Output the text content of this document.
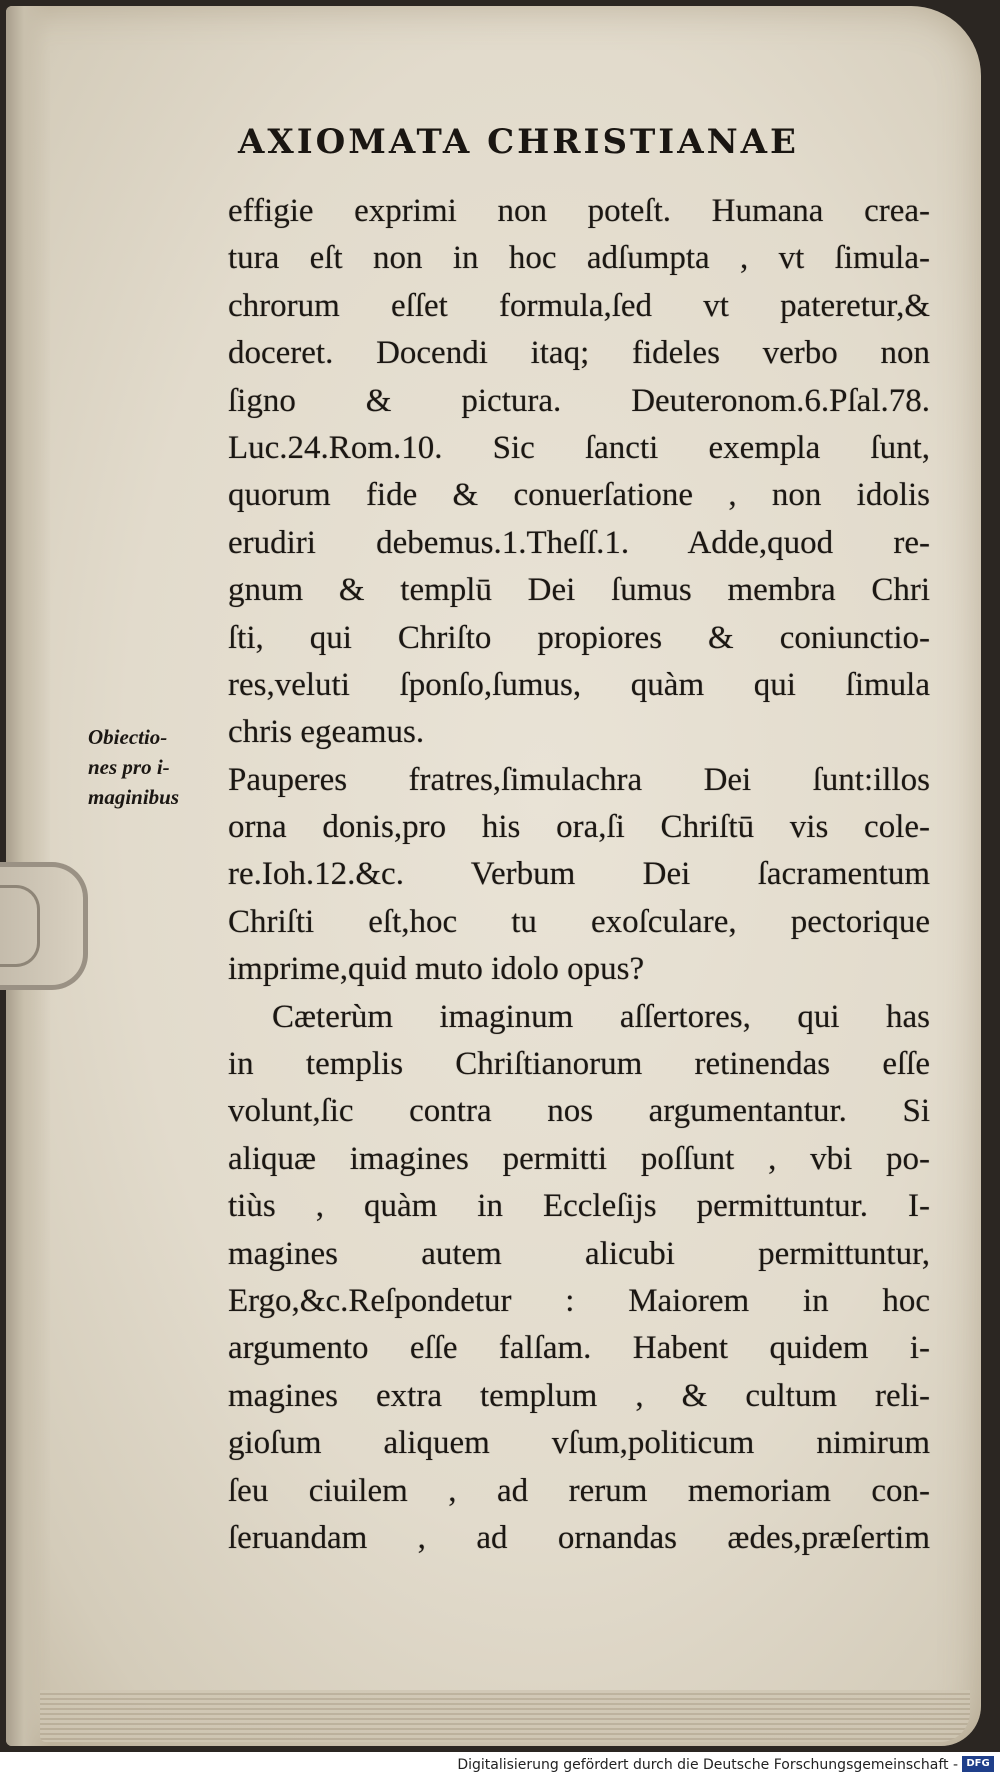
AXIOMATA CHRISTIANAE
Obiectio-
nes pro i-
maginibus
effigie exprimi non poteſt. Humana crea-
tura eſt non in hoc adſumpta , vt ſimula-
chrorum eſſet formula,ſed vt pateretur,&
doceret. Docendi itaq; fideles verbo non
ſigno & pictura. Deuteronom.6.Pſal.78.
Luc.24.Rom.10. Sic ſancti exempla ſunt,
quorum fide & conuerſatione , non idolis
erudiri debemus.1.Theſſ.1. Adde,quod re-
gnum & templū Dei ſumus membra Chri
ſti, qui Chriſto propiores & coniunctio-
res,veluti ſponſo,ſumus, quàm qui ſimula
chris egeamus.
Pauperes fratres,ſimulachra Dei ſunt:illos
orna donis,pro his ora,ſi Chriſtū vis cole-
re.Ioh.12.&c. Verbum Dei ſacramentum
Chriſti eſt,hoc tu exoſculare, pectorique
imprime,quid muto idolo opus?
Cæterùm imaginum aſſertores, qui has
in templis Chriſtianorum retinendas eſſe
volunt,ſic contra nos argumentantur. Si
aliquæ imagines permitti poſſunt , vbi po-
tiùs , quàm in Eccleſijs permittuntur. I-
magines autem alicubi permittuntur,
Ergo,&c.Reſpondetur : Maiorem in hoc
argumento eſſe falſam. Habent quidem i-
magines extra templum , & cultum reli-
gioſum aliquem vſum,politicum nimirum
ſeu ciuilem , ad rerum memoriam con-
ſeruandam , ad ornandas ædes,præſertim
Digitalisierung gefördert durch die Deutsche Forschungsgemeinschaft - DFG
